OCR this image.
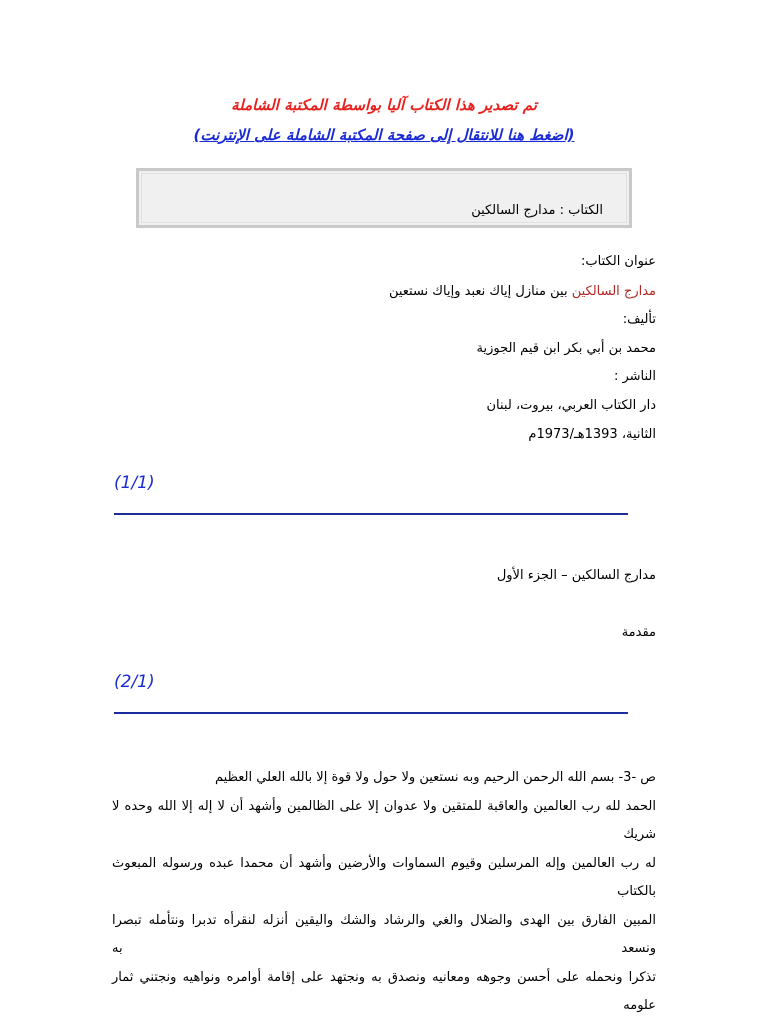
تم تصدير هذا الكتاب آليا بواسطة المكتبة الشاملة
(اضغط هنا للانتقال إلى صفحة المكتبة الشاملة على الإنترنت)
الكتاب : مدارج السالكين
عنوان الكتاب:
مدارج السالكين بين منازل إياك نعبد وإياك نستعين
تأليف:
محمد بن أبي بكر ابن قيم الجوزية
الناشر :
دار الكتاب العربي، بيروت، لبنان
الثانية، 1393هـ/1973م
(1/1)
مدارج السالكين – الجزء الأول
مقدمة
(2/1)

ص -3- بسم الله الرحمن الرحيم وبه نستعين ولا حول ولا قوة إلا بالله العلي العظيم

الحمد لله رب العالمين والعاقبة للمتقين ولا عدوان إلا على الظالمين وأشهد أن لا إله إلا الله وحده لا شريك

له رب العالمين وإله المرسلين وقيوم السماوات والأرضين وأشهد أن محمدا عبده ورسوله المبعوث بالكتاب

المبين الفارق بين الهدى والضلال والغي والرشاد والشك واليقين أنزله لنقرأه تدبرا ونتأمله تبصرا ونسعد به

تذكرا ونحمله على أحسن وجوهه ومعانيه ونصدق به ونجتهد على إقامة أوامره ونواهيه ونجتني ثمار علومه
